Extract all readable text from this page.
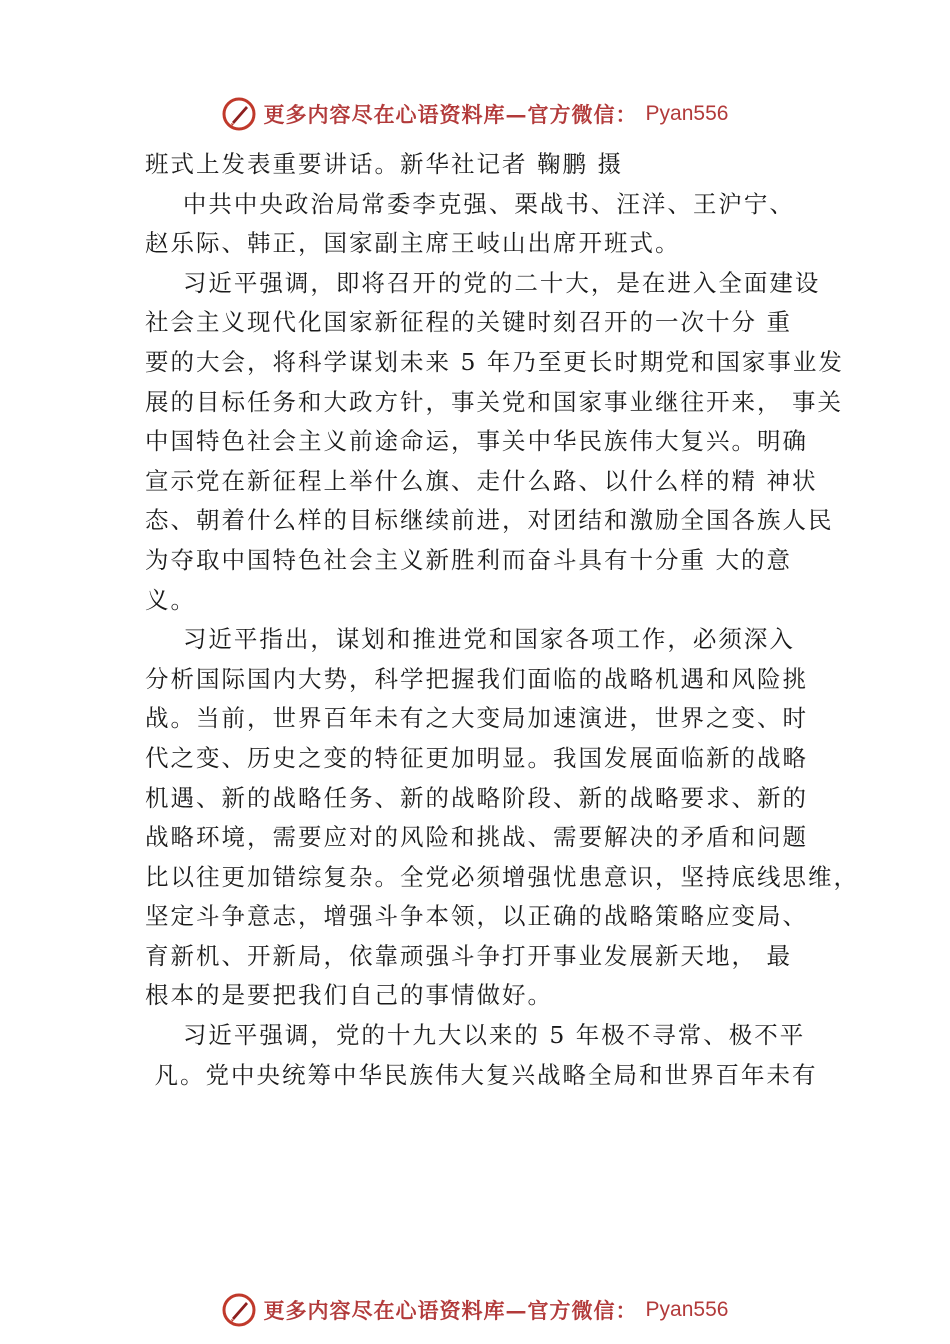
更多内容尽在心语资料库—官方微信： Pyan556
班式上发表重要讲话。新华社记者 鞠鹏 摄
中共中央政治局常委李克强、栗战书、汪洋、王沪宁、
赵乐际、韩正，国家副主席王岐山出席开班式。
习近平强调，即将召开的党的二十大，是在进入全面建设
社会主义现代化国家新征程的关键时刻召开的一次十分 重
要的大会，将科学谋划未来 5 年乃至更长时期党和国家事业发
展的目标任务和大政方针，事关党和国家事业继往开来， 事关
中国特色社会主义前途命运，事关中华民族伟大复兴。明确
宣示党在新征程上举什么旗、走什么路、以什么样的精 神状
态、朝着什么样的目标继续前进，对团结和激励全国各族人民
为夺取中国特色社会主义新胜利而奋斗具有十分重 大的意
义。
习近平指出，谋划和推进党和国家各项工作，必须深入
分析国际国内大势，科学把握我们面临的战略机遇和风险挑
战。当前，世界百年未有之大变局加速演进，世界之变、时
代之变、历史之变的特征更加明显。我国发展面临新的战略
机遇、新的战略任务、新的战略阶段、新的战略要求、新的
战略环境，需要应对的风险和挑战、需要解决的矛盾和问题
比以往更加错综复杂。全党必须增强忧患意识，坚持底线思维，
坚定斗争意志，增强斗争本领，以正确的战略策略应变局、
育新机、开新局，依靠顽强斗争打开事业发展新天地， 最
根本的是要把我们自己的事情做好。
习近平强调，党的十九大以来的 5 年极不寻常、极不平
凡。党中央统筹中华民族伟大复兴战略全局和世界百年未有
更多内容尽在心语资料库—官方微信： Pyan556
